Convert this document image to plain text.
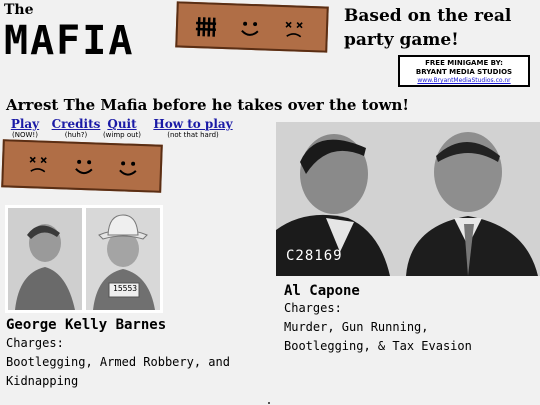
The
MAFIA
Based on the real party game!
FREE MINIGAME BY:
BRYANT MEDIA STUDIOS
www.BryantMediaStudios.co.nr
Arrest The Mafia before he takes over the town!
Play
(NOW!)
Credits
(huh?)
Quit
(wimp out)
How to play
(not that hard)
15553
C28169
George Kelly Barnes
Charges:
Bootlegging, Armed Robbery, and
Kidnapping
Al Capone
Charges:
Murder, Gun Running,
Bootlegging, & Tax Evasion
